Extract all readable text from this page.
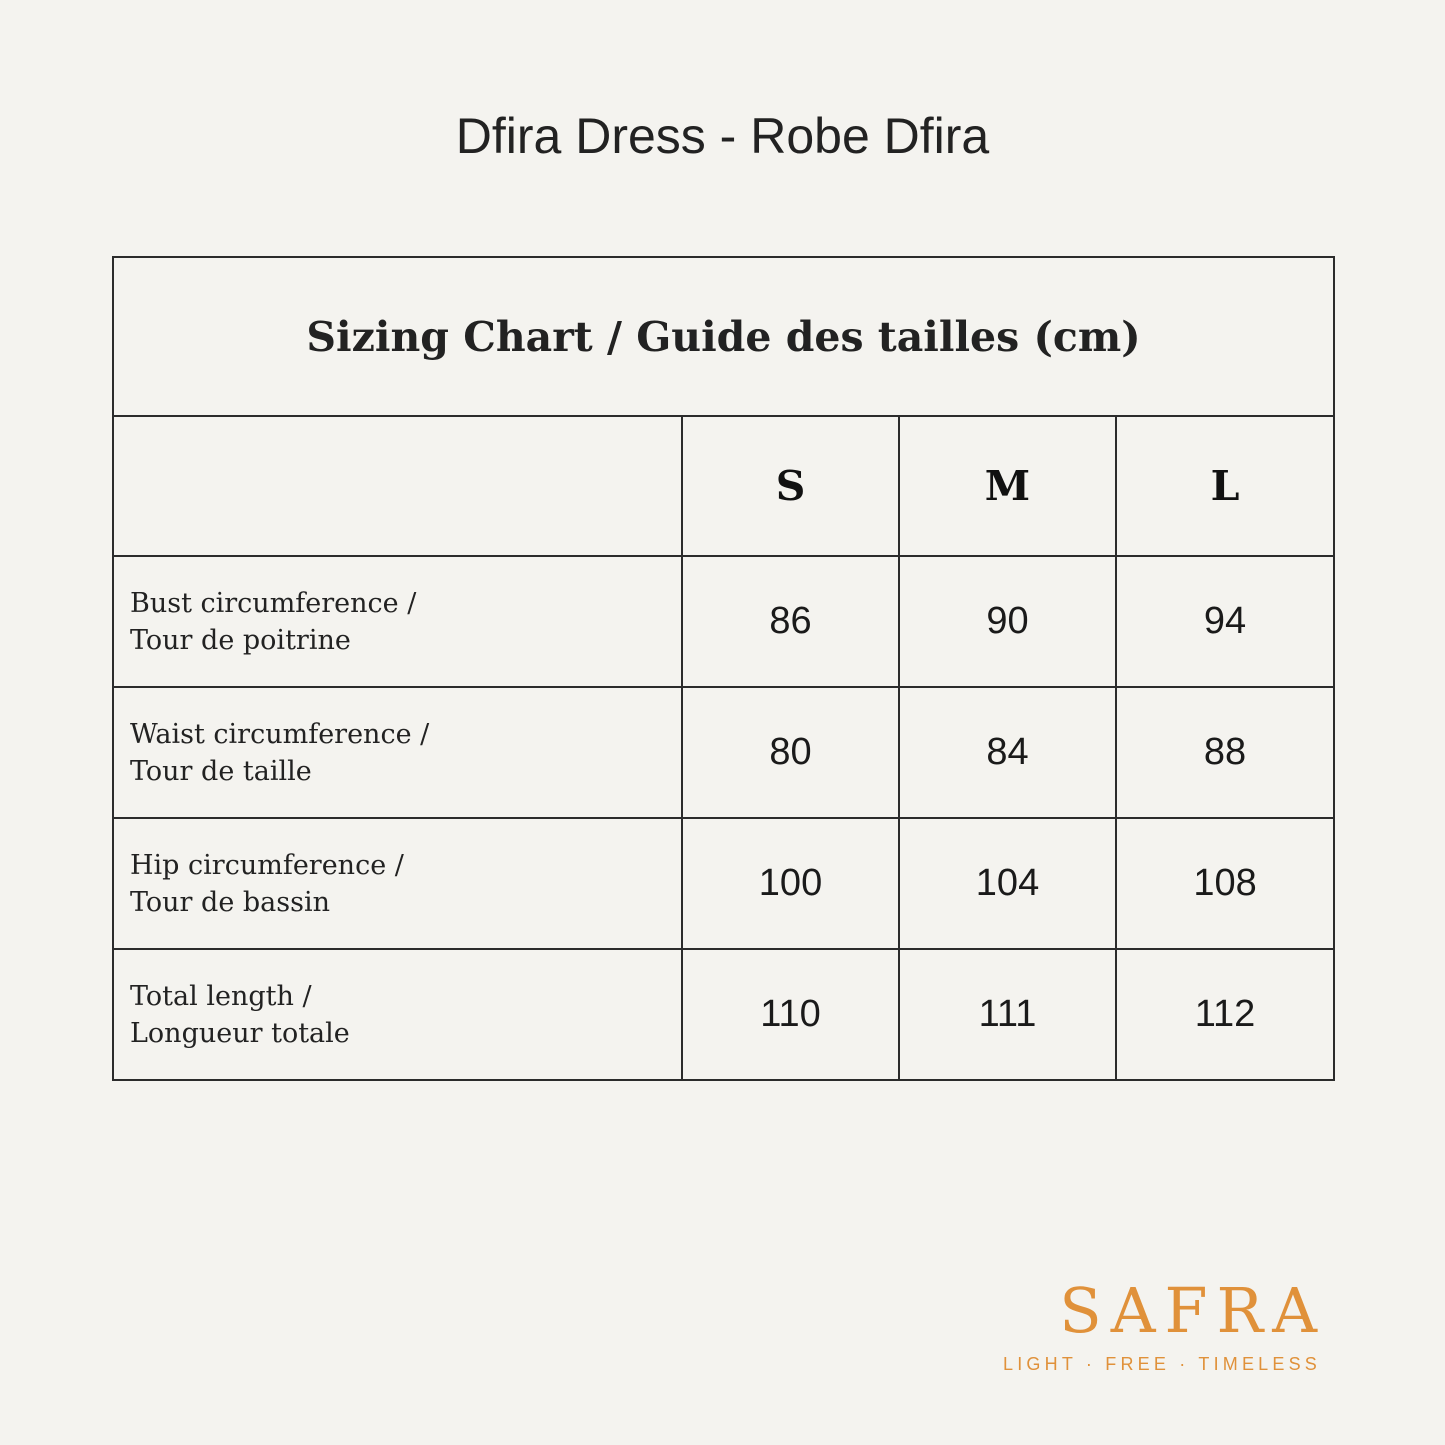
Dfira Dress - Robe Dfira
Sizing Chart / Guide des tailles (cm)			
	S	M	L

Bust circumference /
Tour de poitrine	86	90	94

Waist circumference /
Tour de taille	80	84	88

Hip circumference /
Tour de bassin	100	104	108

Total length /
Longueur totale	110	111	112
SAFRA
LIGHT · FREE · TIMELESS
